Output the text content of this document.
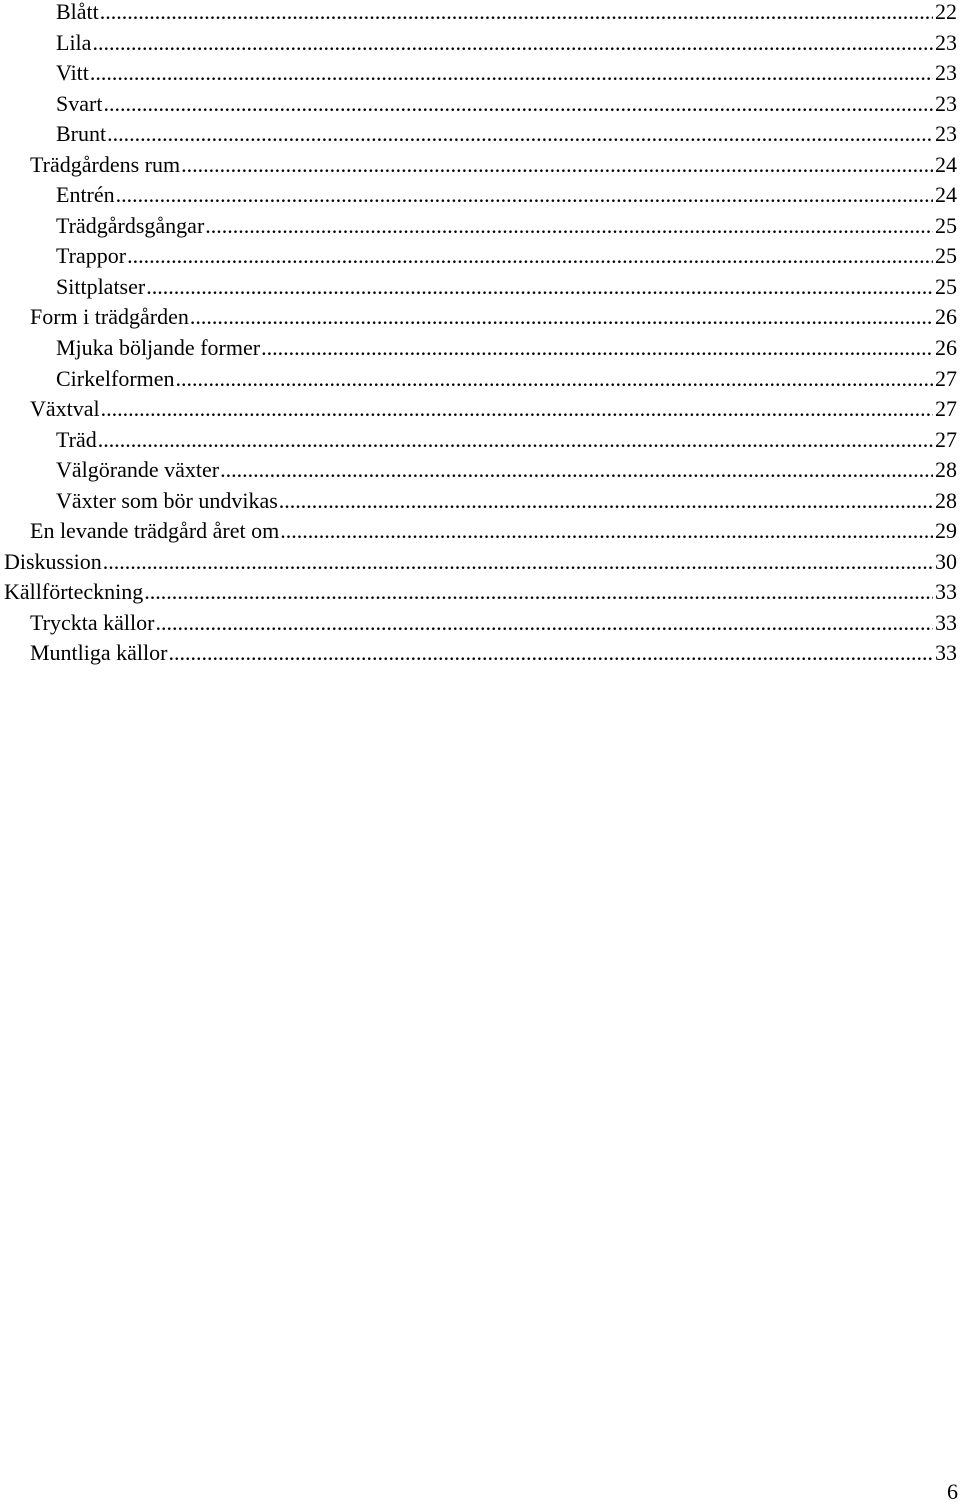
Blått .....	22
Lila .....	23
Vitt .....	23
Svart .....	23
Brunt .....	23
Trädgårdens rum .....	24
Entrén .....	24
Trädgårdsgångar .....	25
Trappor .....	25
Sittplatser .....	25
Form i trädgården .....	26
Mjuka böljande former .....	26
Cirkelformen .....	27
Växtval .....	27
Träd .....	27
Välgörande växter .....	28
Växter som bör undvikas .....	28
En levande trädgård året om .....	29
Diskussion .....	30
Källförteckning .....	33
Tryckta källor .....	33
Muntliga källor .....	33
6
